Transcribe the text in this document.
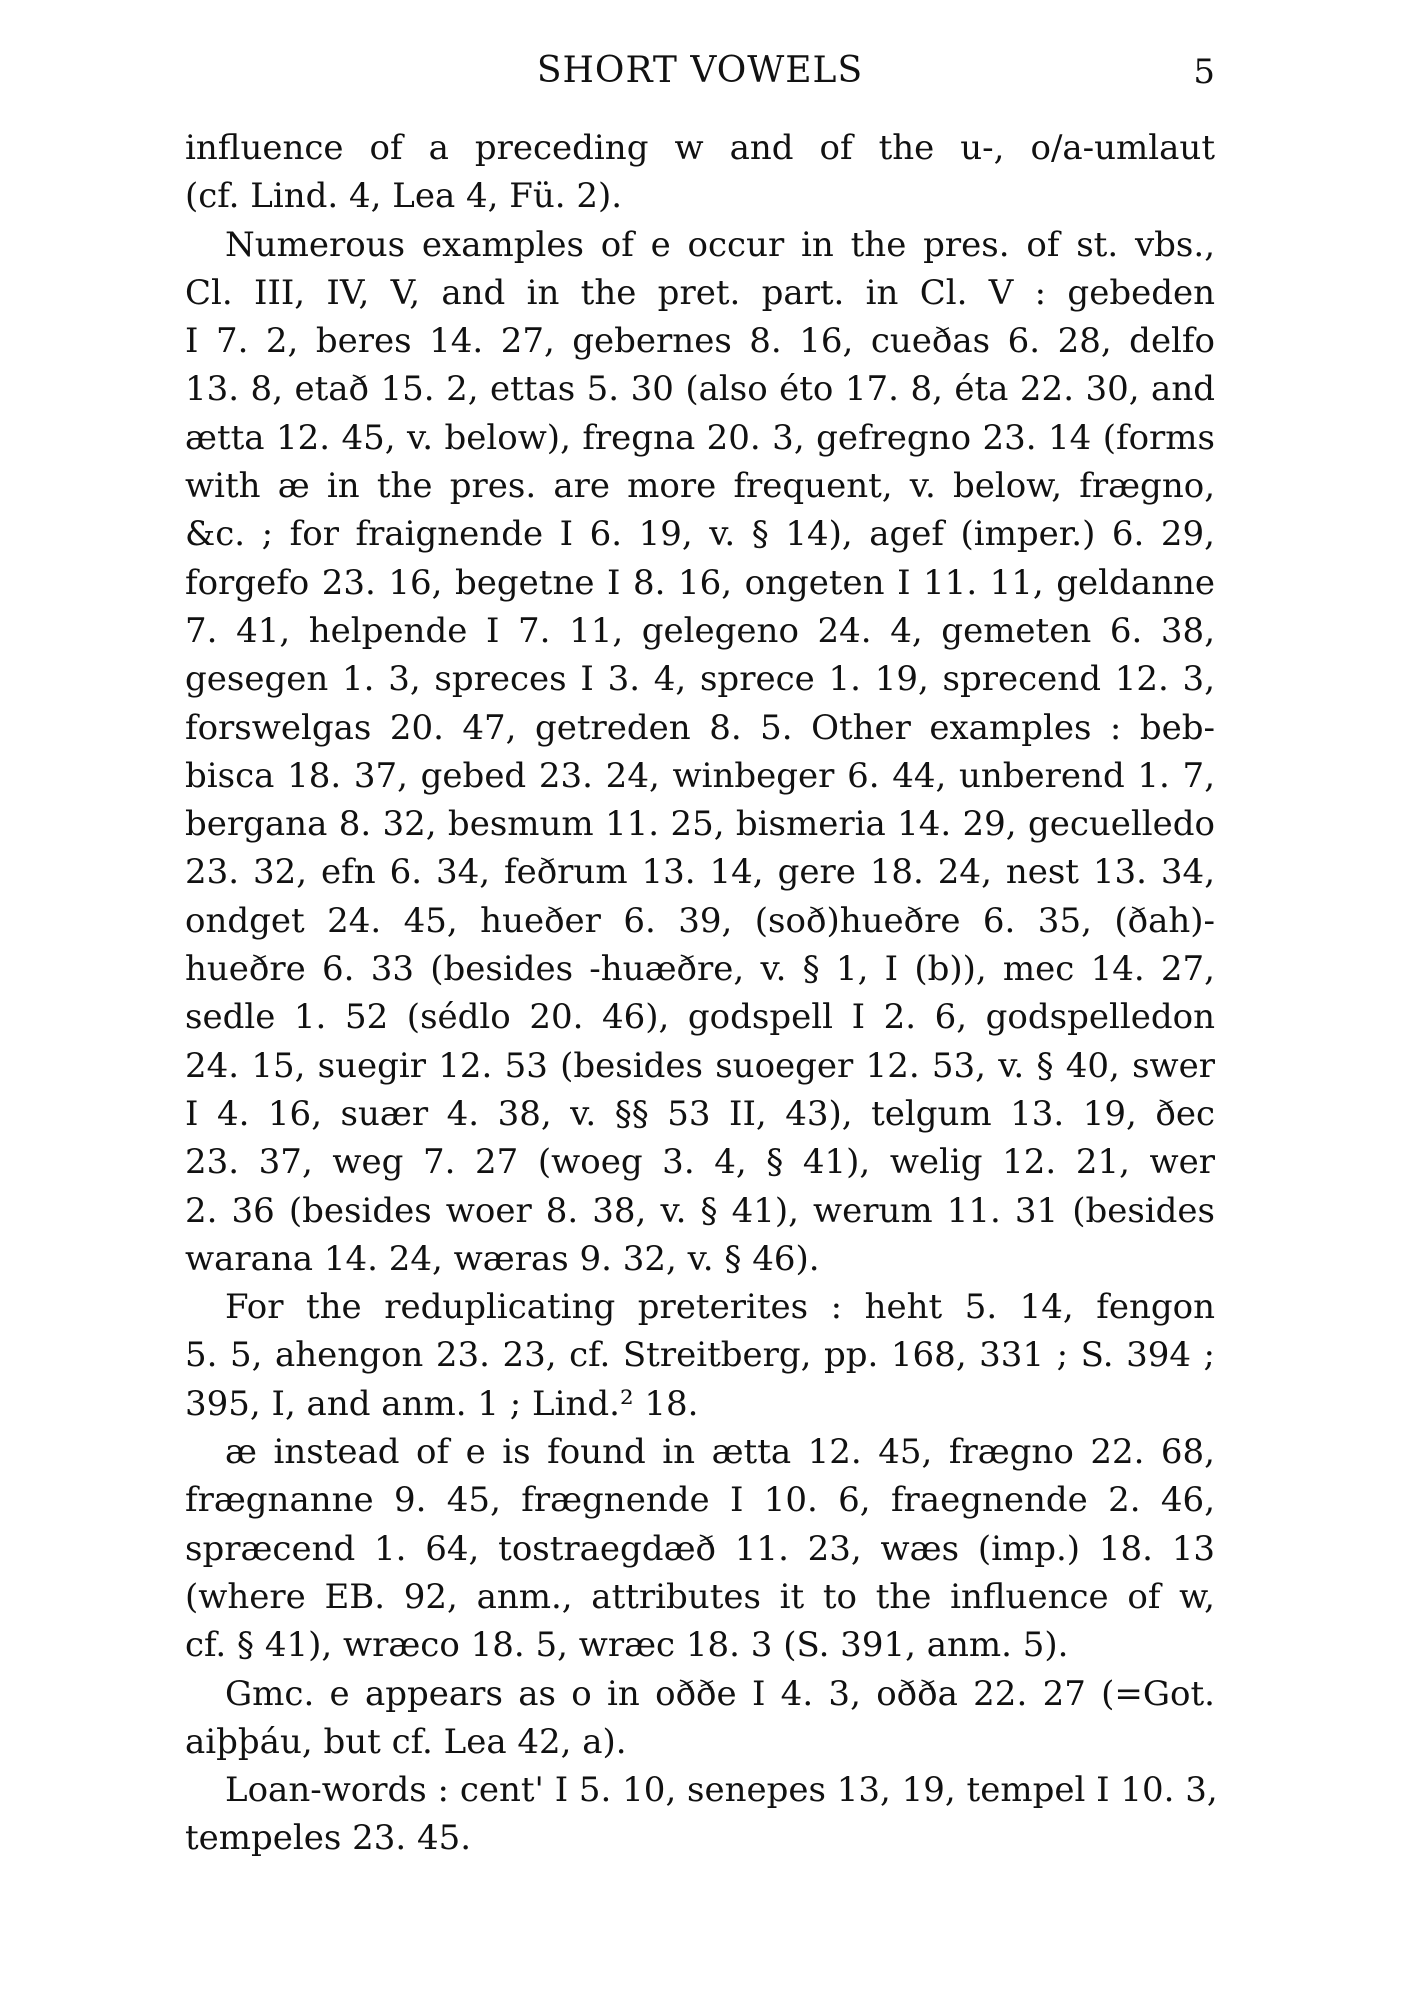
SHORT VOWELS	5
influence of a preceding w and of the u-, o/a-umlaut
(cf. Lind. 4, Lea 4, Fü. 2).
Numerous examples of e occur in the pres. of st. vbs.,
Cl. III, IV, V, and in the pret. part. in Cl. V : gebeden
I 7. 2, beres 14. 27, gebernes 8. 16, cueðas 6. 28, delfo
13. 8, etað 15. 2, ettas 5. 30 (also éto 17. 8, éta 22. 30, and
ætta 12. 45, v. below), fregna 20. 3, gefregno 23. 14 (forms
with æ in the pres. are more frequent, v. below, frægno,
&c. ; for fraignende I 6. 19, v. § 14), agef (imper.) 6. 29,
forgefo 23. 16, begetne I 8. 16, ongeten I 11. 11, geldanne
7. 41, helpende I 7. 11, gelegeno 24. 4, gemeten 6. 38,
gesegen 1. 3, spreces I 3. 4, sprece 1. 19, sprecend 12. 3,
forswelgas 20. 47, getreden 8. 5. Other examples : beb-
bisca 18. 37, gebed 23. 24, winbeger 6. 44, unberend 1. 7,
bergana 8. 32, besmum 11. 25, bismeria 14. 29, gecuelledo
23. 32, efn 6. 34, feðrum 13. 14, gere 18. 24, nest 13. 34,
ondget 24. 45, hueðer 6. 39, (soð)hueðre 6. 35, (ðah)-
hueðre 6. 33 (besides -huæðre, v. § 1, I (b)), mec 14. 27,
sedle 1. 52 (sédlo 20. 46), godspell I 2. 6, godspelledon
24. 15, suegir 12. 53 (besides suoeger 12. 53, v. § 40, swer
I 4. 16, suær 4. 38, v. §§ 53 II, 43), telgum 13. 19, ðec
23. 37, weg 7. 27 (woeg 3. 4, § 41), welig 12. 21, wer
2. 36 (besides woer 8. 38, v. § 41), werum 11. 31 (besides
warana 14. 24, wæras 9. 32, v. § 46).
For the reduplicating preterites : heht 5. 14, fengon
5. 5, ahengon 23. 23, cf. Streitberg, pp. 168, 331 ; S. 394 ;
395, I, and anm. 1 ; Lind.² 18.
æ instead of e is found in ætta 12. 45, frægno 22. 68,
frægnanne 9. 45, frægnende I 10. 6, fraegnende 2. 46,
spræcend 1. 64, tostraegdæð 11. 23, wæs (imp.) 18. 13
(where EB. 92, anm., attributes it to the influence of w,
cf. § 41), wræco 18. 5, wræc 18. 3 (S. 391, anm. 5).
Gmc. e appears as o in oððe I 4. 3, oððа 22. 27 (=Got.
aiþþáu, but cf. Lea 42, a).
Loan-words : cent' I 5. 10, senepes 13, 19, tempel I 10. 3,
tempeles 23. 45.
